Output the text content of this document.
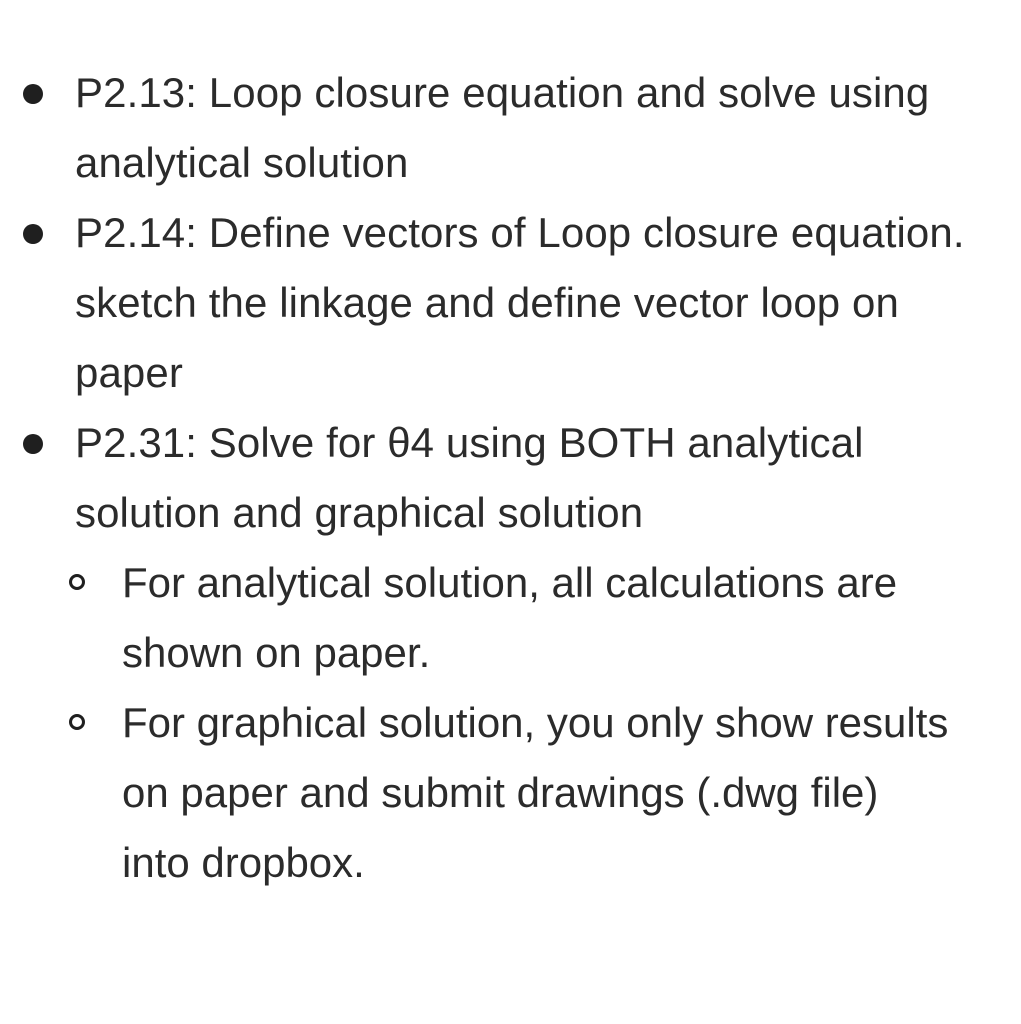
P2.13: Loop closure equation and solve using analytical solution
P2.14: Define vectors of Loop closure equation. sketch the linkage and define vector loop on paper
P2.31: Solve for θ4 using BOTH analytical solution and graphical solution
For analytical solution, all calculations are shown on paper.
For graphical solution, you only show results on paper and submit drawings (.dwg file) into dropbox.
